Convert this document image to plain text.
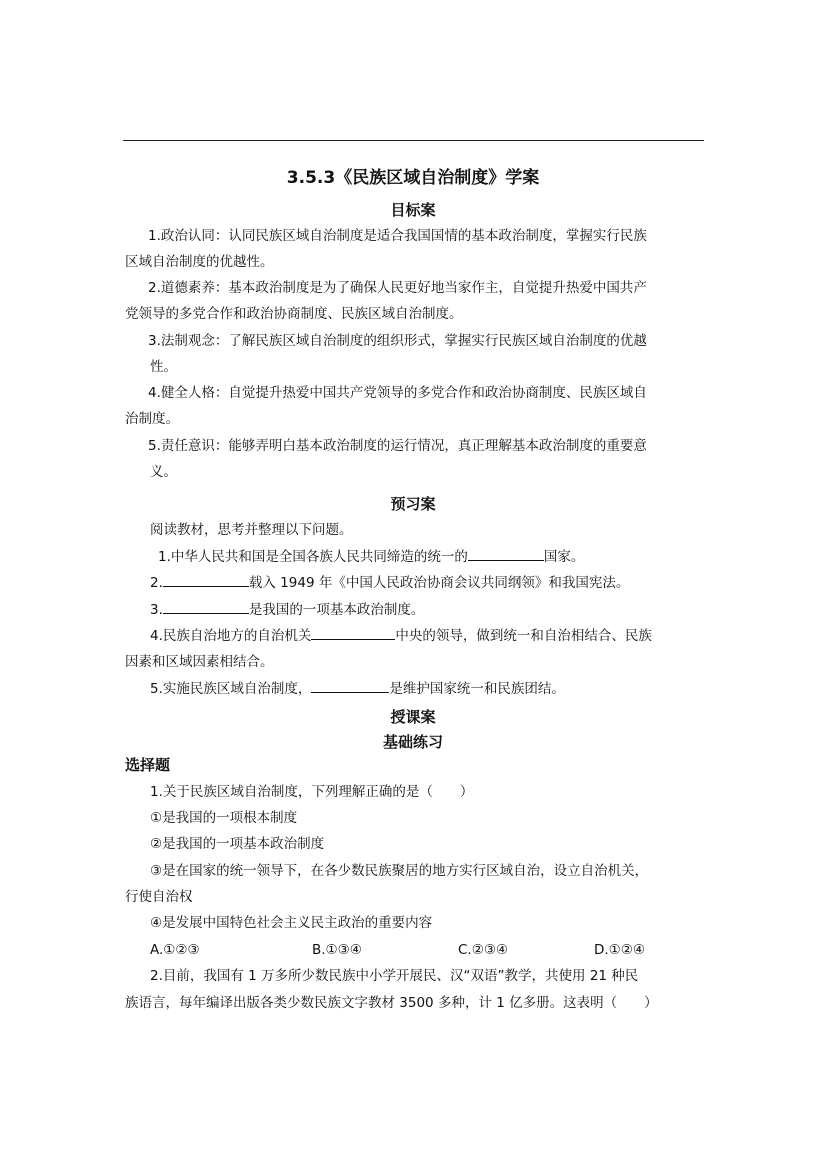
3.5.3《民族区域自治制度》学案
目标案
1.政治认同：认同民族区域自治制度是适合我国国情的基本政治制度，掌握实行民族
区域自治制度的优越性。
2.道德素养：基本政治制度是为了确保人民更好地当家作主，自觉提升热爱中国共产
党领导的多党合作和政治协商制度、民族区域自治制度。
3.法制观念：了解民族区域自治制度的组织形式，掌握实行民族区域自治制度的优越
性。
4.健全人格：自觉提升热爱中国共产党领导的多党合作和政治协商制度、民族区域自
治制度。
5.责任意识：能够弄明白基本政治制度的运行情况，真正理解基本政治制度的重要意
义。
预习案
阅读教材，思考并整理以下问题。
1.中华人民共和国是全国各族人民共同缔造的统一的	国家。
2.	载入 1949 年《中国人民政治协商会议共同纲领》和我国宪法。
3.	是我国的一项基本政治制度。
4.民族自治地方的自治机关	中央的领导，做到统一和自治相结合、民族
因素和区域因素相结合。
5.实施民族区域自治制度，	是维护国家统一和民族团结。
授课案
基础练习
选择题
1.关于民族区域自治制度，下列理解正确的是（　　）
①是我国的一项根本制度
②是我国的一项基本政治制度
③是在国家的统一领导下，在各少数民族聚居的地方实行区域自治，设立自治机关，
行使自治权
④是发展中国特色社会主义民主政治的重要内容
A.①②③	B.①③④	C.②③④	D.①②④
2.目前，我国有 1 万多所少数民族中小学开展民、汉“双语”教学，共使用 21 种民
族语言，每年编译出版各类少数民族文字教材 3500 多种，计 1 亿多册。这表明（　　）
